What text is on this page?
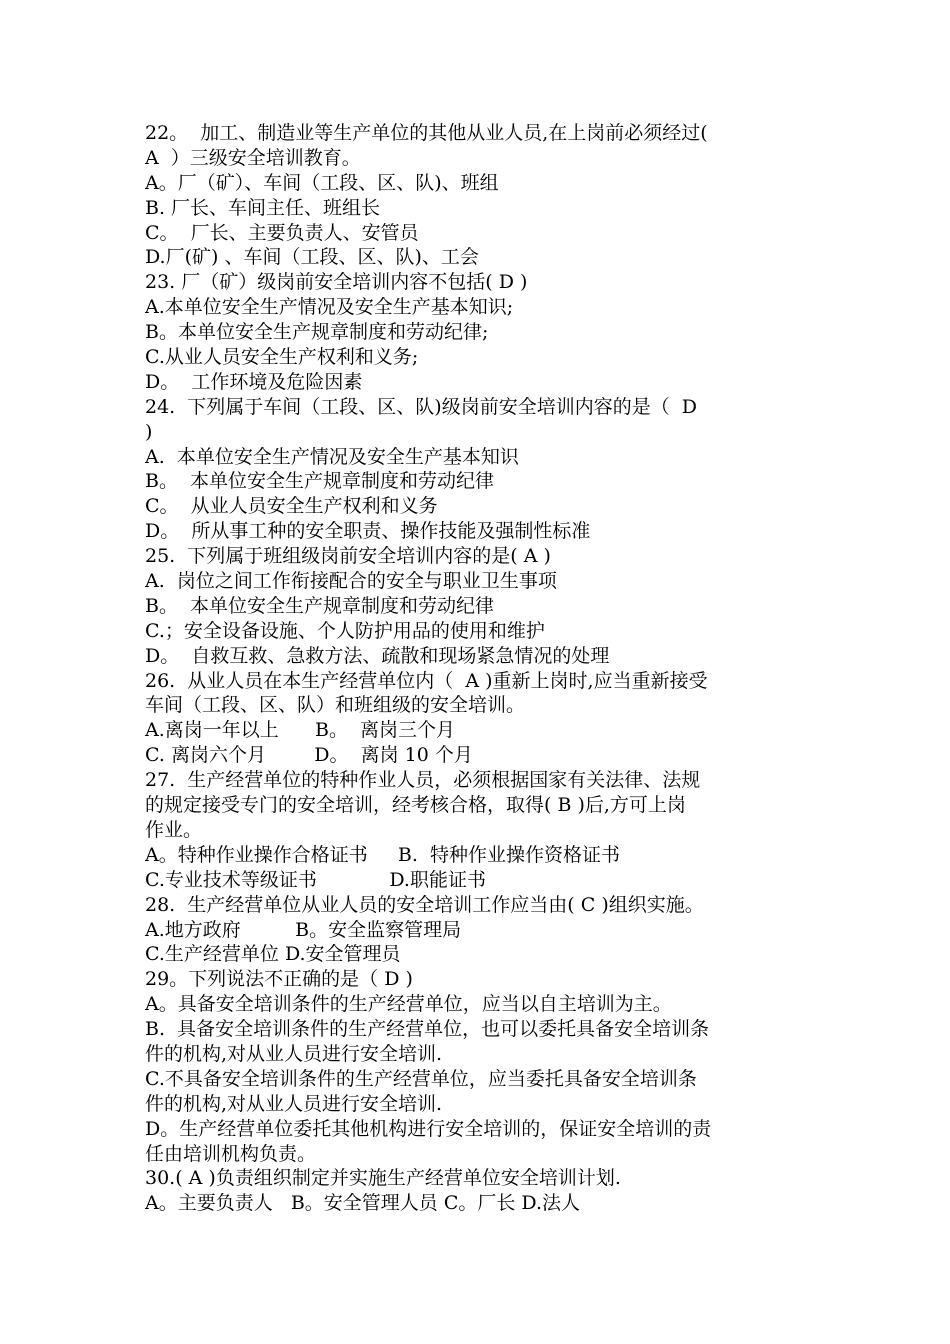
22。  加工、制造业等生产单位的其他从业人员,在上岗前必须经过(
A  ）三级安全培训教育。
A。厂（矿）、车间（工段、区、队)、班组
B. 厂长、车间主任、班组长
C。  厂长、主要负责人、安管员
D.厂(矿) 、车间（工段、区、队)、工会
23. 厂（矿）级岗前安全培训内容不包括( D )
A.本单位安全生产情况及安全生产基本知识;
B。本单位安全生产规章制度和劳动纪律;
C.从业人员安全生产权利和义务;
D。  工作环境及危险因素
24.  下列属于车间（工段、区、队)级岗前安全培训内容的是（  D
)
A.  本单位安全生产情况及安全生产基本知识
B。  本单位安全生产规章制度和劳动纪律
C。  从业人员安全生产权利和义务
D。  所从事工种的安全职责、操作技能及强制性标准
25.  下列属于班组级岗前安全培训内容的是( A )
A.  岗位之间工作衔接配合的安全与职业卫生事项
B。  本单位安全生产规章制度和劳动纪律
C.；安全设备设施、个人防护用品的使用和维护
D。  自救互救、急救方法、疏散和现场紧急情况的处理
26.  从业人员在本生产经营单位内（  A )重新上岗时,应当重新接受
车间（工段、区、队）和班组级的安全培训。
A.离岗一年以上      B。  离岗三个月
C. 离岗六个月        D。  离岗 10 个月
27.  生产经营单位的特种作业人员，必须根据国家有关法律、法规
的规定接受专门的安全培训，经考核合格，取得( B )后,方可上岗
作业。
A。特种作业操作合格证书     B.  特种作业操作资格证书
C.专业技术等级证书            D.职能证书
28.  生产经营单位从业人员的安全培训工作应当由( C )组织实施。
A.地方政府         B。安全监察管理局
C.生产经营单位 D.安全管理员
29。下列说法不正确的是（ D )
A。具备安全培训条件的生产经营单位，应当以自主培训为主。
B.  具备安全培训条件的生产经营单位，也可以委托具备安全培训条
件的机构,对从业人员进行安全培训.
C.不具备安全培训条件的生产经营单位，应当委托具备安全培训条
件的机构,对从业人员进行安全培训.
D。生产经营单位委托其他机构进行安全培训的，保证安全培训的责
任由培训机构负责。
30.( A )负责组织制定并实施生产经营单位安全培训计划.
A。主要负责人   B。安全管理人员 C。厂长 D.法人
